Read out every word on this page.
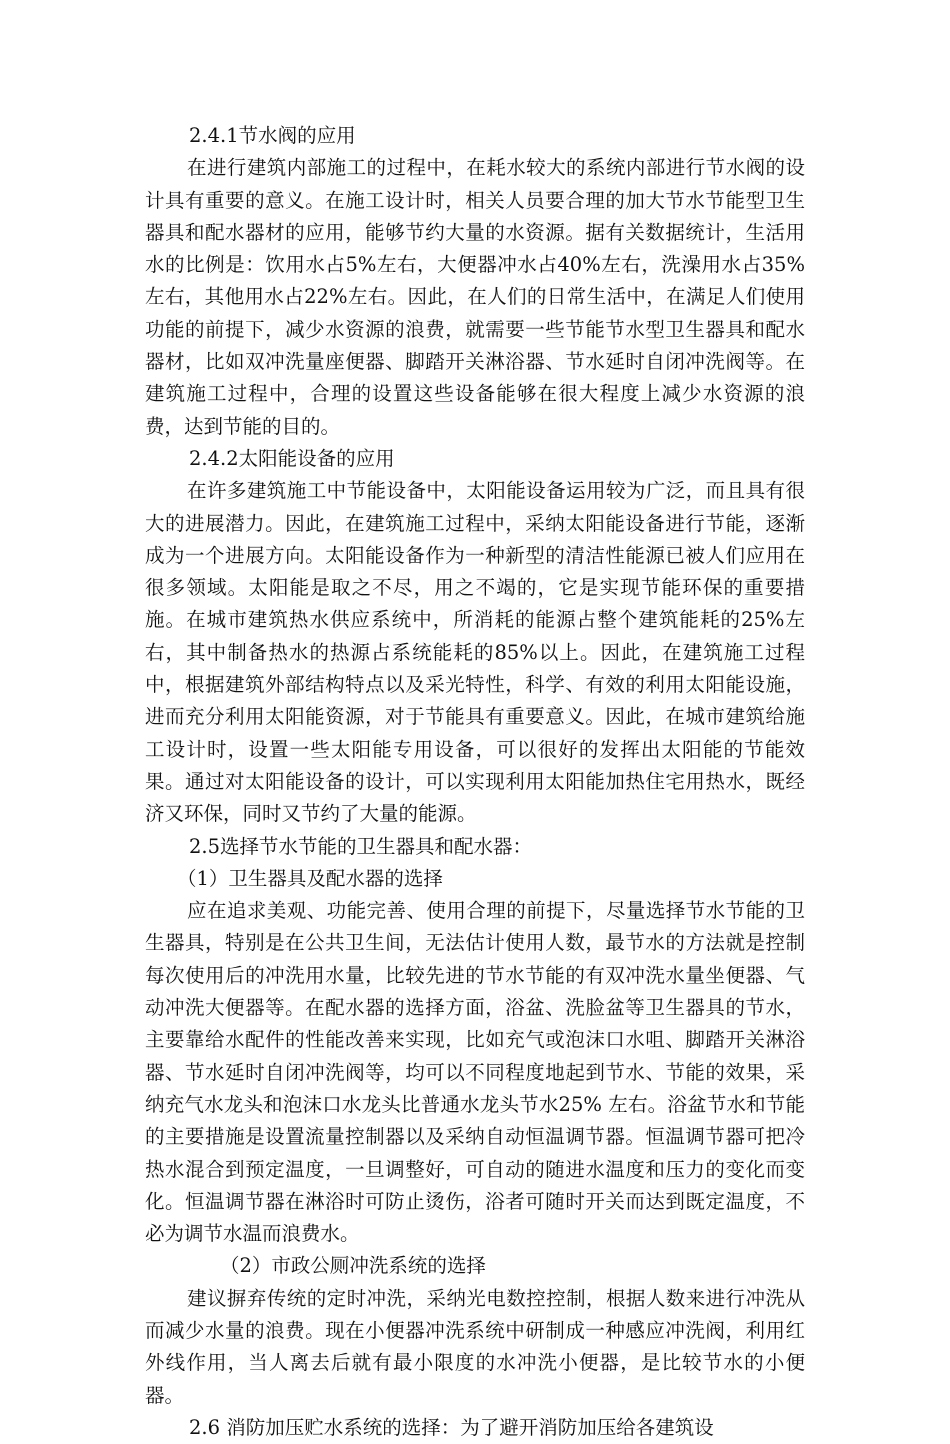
2.4.1节水阀的应用

在进行建筑内部施工的过程中，在耗水较大的系统内部进行节水阀的设计具有重要的意义。在施工设计时，相关人员要合理的加大节水节能型卫生器具和配水器材的应用，能够节约大量的水资源。据有关数据统计，生活用水的比例是：饮用水占5%左右，大便器冲水占40%左右，洗澡用水占35%左右，其他用水占22%左右。因此，在人们的日常生活中，在满足人们使用功能的前提下，减少水资源的浪费，就需要一些节能节水型卫生器具和配水器材，比如双冲洗量座便器、脚踏开关淋浴器、节水延时自闭冲洗阀等。在建筑施工过程中，合理的设置这些设备能够在很大程度上减少水资源的浪费，达到节能的目的。

2.4.2太阳能设备的应用

在许多建筑施工中节能设备中，太阳能设备运用较为广泛，而且具有很大的进展潜力。因此，在建筑施工过程中，采纳太阳能设备进行节能，逐渐成为一个进展方向。太阳能设备作为一种新型的清洁性能源已被人们应用在很多领域。太阳能是取之不尽，用之不竭的，它是实现节能环保的重要措施。在城市建筑热水供应系统中，所消耗的能源占整个建筑能耗的25%左右，其中制备热水的热源占系统能耗的85%以上。因此，在建筑施工过程中，根据建筑外部结构特点以及采光特性，科学、有效的利用太阳能设施，进而充分利用太阳能资源，对于节能具有重要意义。因此，在城市建筑给施工设计时，设置一些太阳能专用设备，可以很好的发挥出太阳能的节能效果。通过对太阳能设备的设计，可以实现利用太阳能加热住宅用热水，既经济又环保，同时又节约了大量的能源。

2.5选择节水节能的卫生器具和配水器：

（1）卫生器具及配水器的选择

应在追求美观、功能完善、使用合理的前提下，尽量选择节水节能的卫生器具，特别是在公共卫生间，无法估计使用人数，最节水的方法就是控制每次使用后的冲洗用水量，比较先进的节水节能的有双冲洗水量坐便器、气动冲洗大便器等。在配水器的选择方面，浴盆、洗脸盆等卫生器具的节水，主要靠给水配件的性能改善来实现，比如充气或泡沫口水咀、脚踏开关淋浴器、节水延时自闭冲洗阀等，均可以不同程度地起到节水、节能的效果，采纳充气水龙头和泡沫口水龙头比普通水龙头节水25% 左右。浴盆节水和节能的主要措施是设置流量控制器以及采纳自动恒温调节器。恒温调节器可把冷热水混合到预定温度，一旦调整好，可自动的随进水温度和压力的变化而变化。恒温调节器在淋浴时可防止烫伤，浴者可随时开关而达到既定温度，不必为调节水温而浪费水。

（2）市政公厕冲洗系统的选择

建议摒弃传统的定时冲洗，采纳光电数控控制，根据人数来进行冲洗从而减少水量的浪费。现在小便器冲洗系统中研制成一种感应冲洗阀，利用红外线作用，当人离去后就有最小限度的水冲洗小便器，是比较节水的小便器。

2.6 消防加压贮水系统的选择：为了避开消防加压给各建筑设
